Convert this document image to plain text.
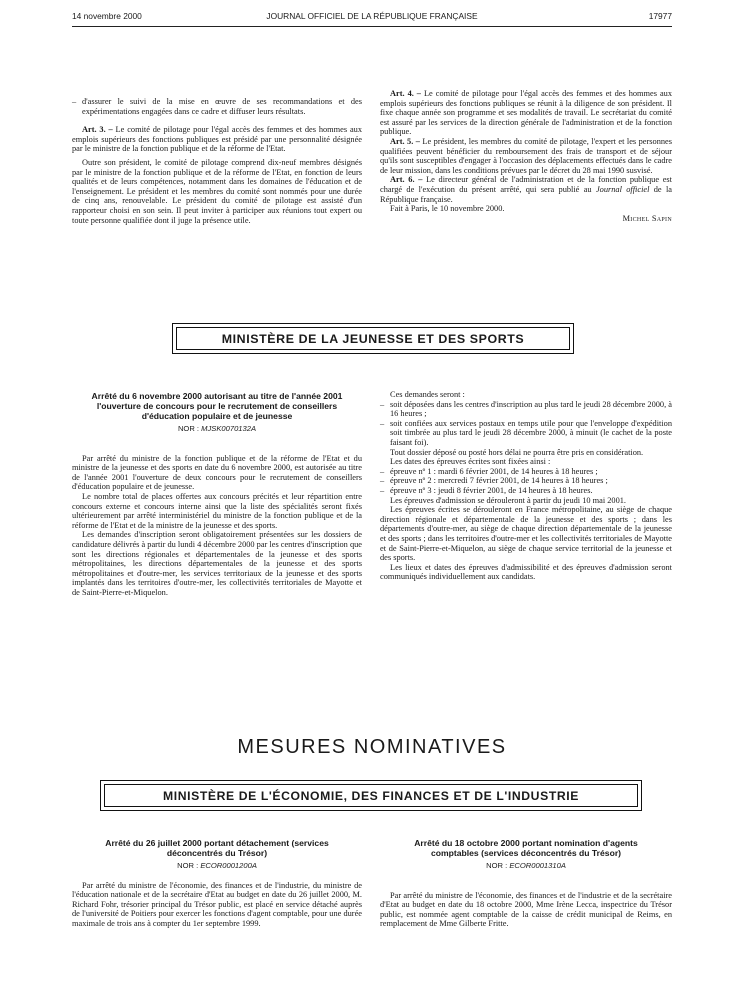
14 novembre 2000	JOURNAL OFFICIEL DE LA RÉPUBLIQUE FRANÇAISE	17977

– d'assurer le suivi de la mise en œuvre de ses recommandations et des expérimentations engagées dans ce cadre et diffuser leurs résultats.

Art. 3. – Le comité de pilotage pour l'égal accès des femmes et des hommes aux emplois supérieurs des fonctions publiques est présidé par une personnalité désignée par le ministre de la fonction publique et de la réforme de l'Etat.

Outre son président, le comité de pilotage comprend dix-neuf membres désignés par le ministre de la fonction publique et de la réforme de l'Etat, en fonction de leurs qualités et de leurs compétences, notamment dans les domaines de l'éducation et de l'enseignement. Le président et les membres du comité sont nommés pour une durée de cinq ans, renouvelable. Le président du comité de pilotage est assisté d'un rapporteur choisi en son sein. Il peut inviter à participer aux réunions tout expert ou toute personne qualifiée dont il juge la présence utile.

Art. 4. – Le comité de pilotage pour l'égal accès des femmes et des hommes aux emplois supérieurs des fonctions publiques se réunit à la diligence de son président. Il fixe chaque année son programme et ses modalités de travail. Le secrétariat du comité est assuré par les services de la direction générale de l'administration et de la fonction publique.

Art. 5. – Le président, les membres du comité de pilotage, l'expert et les personnes qualifiées peuvent bénéficier du remboursement des frais de transport et de séjour qu'ils sont susceptibles d'engager à l'occasion des déplacements effectués dans le cadre de leur mission, dans les conditions prévues par le décret du 28 mai 1990 susvisé.

Art. 6. – Le directeur général de l'administration et de la fonction publique est chargé de l'exécution du présent arrêté, qui sera publié au Journal officiel de la République française.

Fait à Paris, le 10 novembre 2000.

Michel Sapin

MINISTÈRE DE LA JEUNESSE ET DES SPORTS
Arrêté du 6 novembre 2000 autorisant au titre de l'année 2001 l'ouverture de concours pour le recrutement de conseillers d'éducation populaire et de jeunesse
NOR : MJSK0070132A

Par arrêté du ministre de la fonction publique et de la réforme de l'Etat et du ministre de la jeunesse et des sports en date du 6 novembre 2000, est autorisée au titre de l'année 2001 l'ouverture de deux concours pour le recrutement de conseillers d'éducation populaire et de jeunesse.

Le nombre total de places offertes aux concours précités et leur répartition entre concours externe et concours interne ainsi que la liste des spécialités seront fixés ultérieurement par arrêté interministériel du ministre de la fonction publique et de la réforme de l'Etat et de la ministre de la jeunesse et des sports.

Les demandes d'inscription seront obligatoirement présentées sur les dossiers de candidature délivrés à partir du lundi 4 décembre 2000 par les centres d'inscription que sont les directions régionales et départementales de la jeunesse et des sports métropolitaines, les directions départementales de la jeunesse et des sports métropolitaines et d'outre-mer, les services territoriaux de la jeunesse et des sports implantés dans les territoires d'outre-mer, les collectivités territoriales de Mayotte et de Saint-Pierre-et-Miquelon.

Ces demandes seront :

– soit déposées dans les centres d'inscription au plus tard le jeudi 28 décembre 2000, à 16 heures ;

– soit confiées aux services postaux en temps utile pour que l'enveloppe d'expédition soit timbrée au plus tard le jeudi 28 décembre 2000, à minuit (le cachet de la poste faisant foi).

Tout dossier déposé ou posté hors délai ne pourra être pris en considération.

Les dates des épreuves écrites sont fixées ainsi :

– épreuve nº 1 : mardi 6 février 2001, de 14 heures à 18 heures ;

– épreuve nº 2 : mercredi 7 février 2001, de 14 heures à 18 heures ;

– épreuve nº 3 : jeudi 8 février 2001, de 14 heures à 18 heures.

Les épreuves d'admission se dérouleront à partir du jeudi 10 mai 2001.

Les épreuves écrites se dérouleront en France métropolitaine, au siège de chaque direction régionale et départementale de la jeunesse et des sports ; dans les départements d'outre-mer, au siège de chaque direction départementale de la jeunesse et des sports ; dans les territoires d'outre-mer et les collectivités territoriales de Mayotte et de Saint-Pierre-et-Miquelon, au siège de chaque service territorial de la jeunesse et des sports.

Les lieux et dates des épreuves d'admissibilité et des épreuves d'admission seront communiqués individuellement aux candidats.

MESURES NOMINATIVES
MINISTÈRE DE L'ÉCONOMIE, DES FINANCES ET DE L'INDUSTRIE
Arrêté du 26 juillet 2000 portant détachement (services déconcentrés du Trésor)
NOR : ECOR0001200A

Par arrêté du ministre de l'économie, des finances et de l'industrie, du ministre de l'éducation nationale et de la secrétaire d'Etat au budget en date du 26 juillet 2000, M. Richard Fohr, trésorier principal du Trésor public, est placé en service détaché auprès de l'université de Poitiers pour exercer les fonctions d'agent comptable, pour une durée maximale de trois ans à compter du 1er septembre 1999.

Arrêté du 18 octobre 2000 portant nomination d'agents comptables (services déconcentrés du Trésor)
NOR : ECOR0001310A

Par arrêté du ministre de l'économie, des finances et de l'industrie et de la secrétaire d'Etat au budget en date du 18 octobre 2000, Mme Irène Lecca, inspectrice du Trésor public, est nommée agent comptable de la caisse de crédit municipal de Reims, en remplacement de Mme Gilberte Fritte.
